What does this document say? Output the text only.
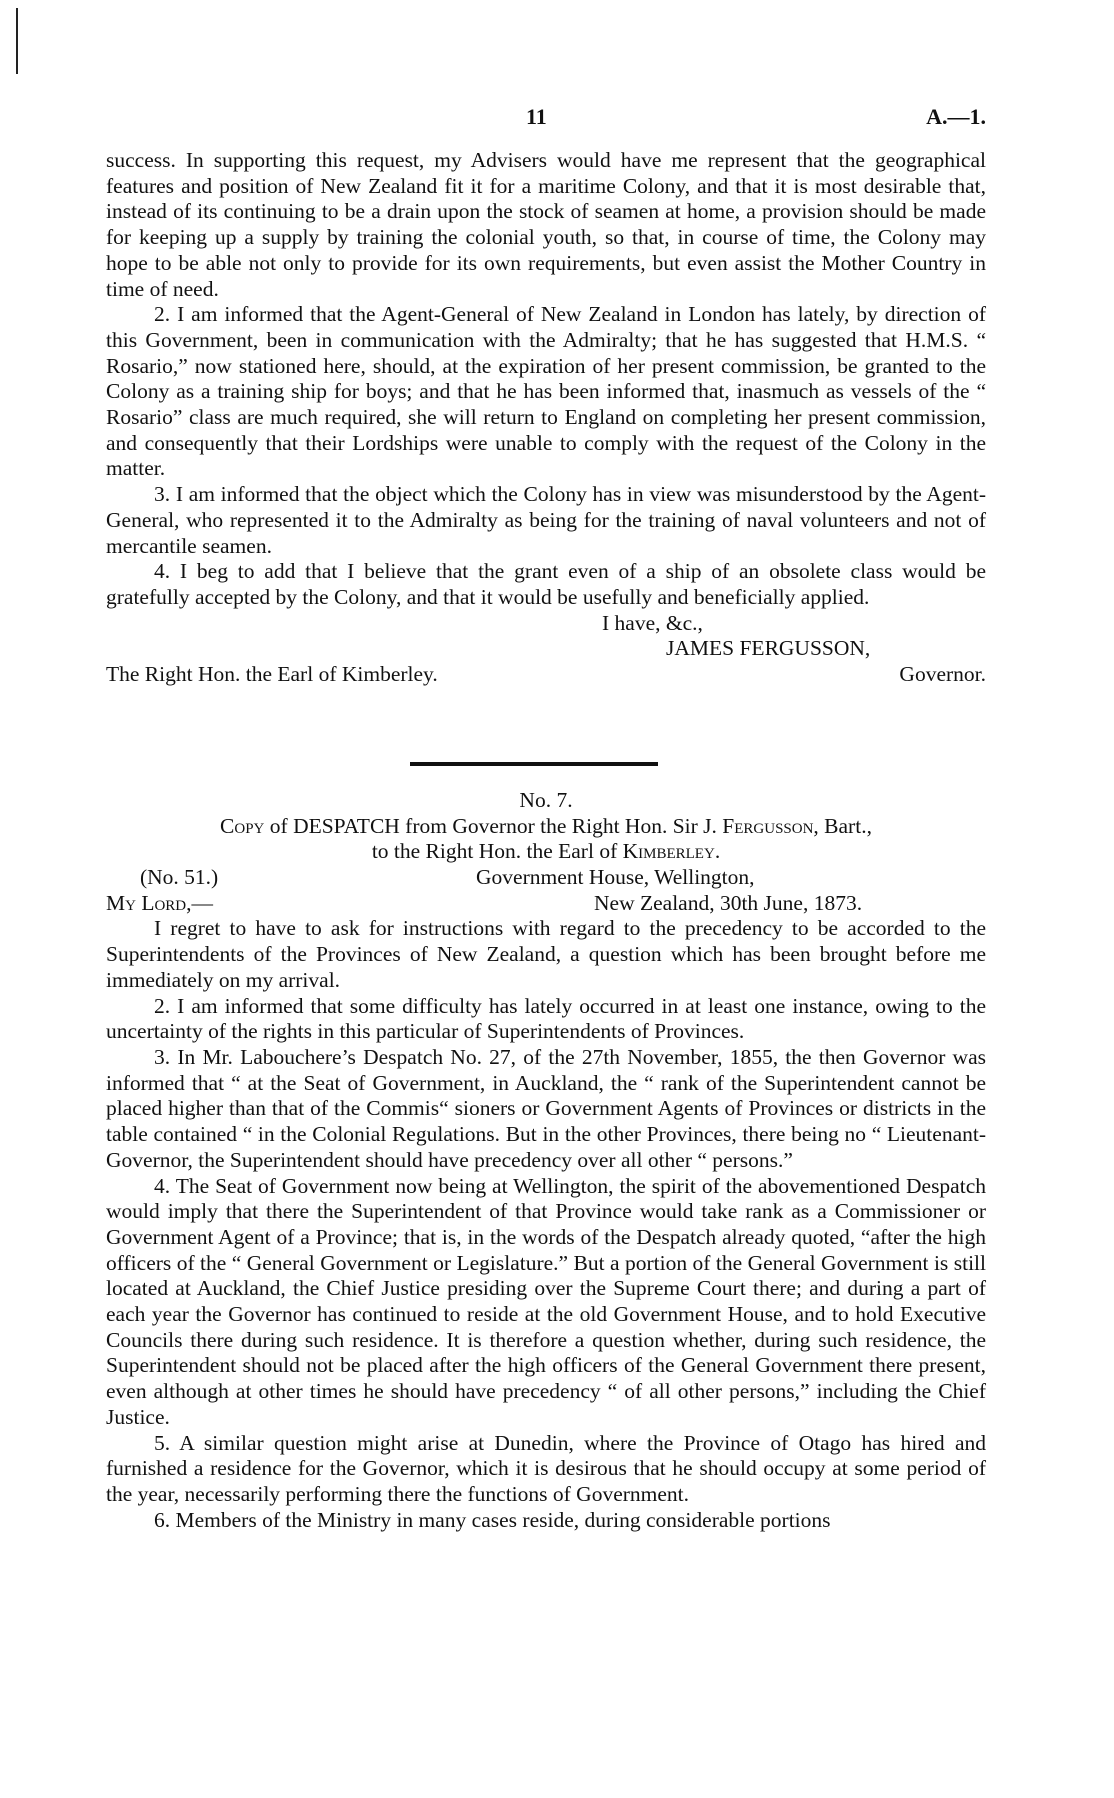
11	A.—1.

success. In supporting this request, my Advisers would have me represent that the geographical features and position of New Zealand fit it for a maritime Colony, and that it is most desirable that, instead of its continuing to be a drain upon the stock of seamen at home, a provision should be made for keeping up a supply by training the colonial youth, so that, in course of time, the Colony may hope to be able not only to provide for its own requirements, but even assist the Mother Country in time of need.

2. I am informed that the Agent-General of New Zealand in London has lately, by direction of this Government, been in communication with the Admiralty; that he has suggested that H.M.S. “ Rosario,” now stationed here, should, at the expiration of her present commission, be granted to the Colony as a training ship for boys; and that he has been informed that, inasmuch as vessels of the “ Rosario” class are much required, she will return to England on completing her present commission, and consequently that their Lordships were unable to comply with the request of the Colony in the matter.

3. I am informed that the object which the Colony has in view was misunderstood by the Agent-General, who represented it to the Admiralty as being for the training of naval volunteers and not of mercantile seamen.

4. I beg to add that I believe that the grant even of a ship of an obsolete class would be gratefully accepted by the Colony, and that it would be usefully and beneficially applied.

I have, &c.,
JAMES FERGUSSON,
The Right Hon. the Earl of Kimberley.	Governor.

No. 7.

Copy of DESPATCH from Governor the Right Hon. Sir J. Fergusson, Bart.,
to the Right Hon. the Earl of Kimberley.

(No. 51.)	Government House, Wellington,
My Lord,—	New Zealand, 30th June, 1873.

I regret to have to ask for instructions with regard to the precedency to be accorded to the Superintendents of the Provinces of New Zealand, a question which has been brought before me immediately on my arrival.

2. I am informed that some difficulty has lately occurred in at least one instance, owing to the uncertainty of the rights in this particular of Superintendents of Provinces.

3. In Mr. Labouchere’s Despatch No. 27, of the 27th November, 1855, the then Governor was informed that “ at the Seat of Government, in Auckland, the “ rank of the Superintendent cannot be placed higher than that of the Commis“ sioners or Government Agents of Provinces or districts in the table contained “ in the Colonial Regulations. But in the other Provinces, there being no “ Lieutenant-Governor, the Superintendent should have precedency over all other “ persons.”

4. The Seat of Government now being at Wellington, the spirit of the abovementioned Despatch would imply that there the Superintendent of that Province would take rank as a Commissioner or Government Agent of a Province; that is, in the words of the Despatch already quoted, “after the high officers of the “ General Government or Legislature.” But a portion of the General Government is still located at Auckland, the Chief Justice presiding over the Supreme Court there; and during a part of each year the Governor has continued to reside at the old Government House, and to hold Executive Councils there during such residence. It is therefore a question whether, during such residence, the Superintendent should not be placed after the high officers of the General Government there present, even although at other times he should have precedency “ of all other persons,” including the Chief Justice.

5. A similar question might arise at Dunedin, where the Province of Otago has hired and furnished a residence for the Governor, which it is desirous that he should occupy at some period of the year, necessarily performing there the functions of Government.

6. Members of the Ministry in many cases reside, during considerable portions
